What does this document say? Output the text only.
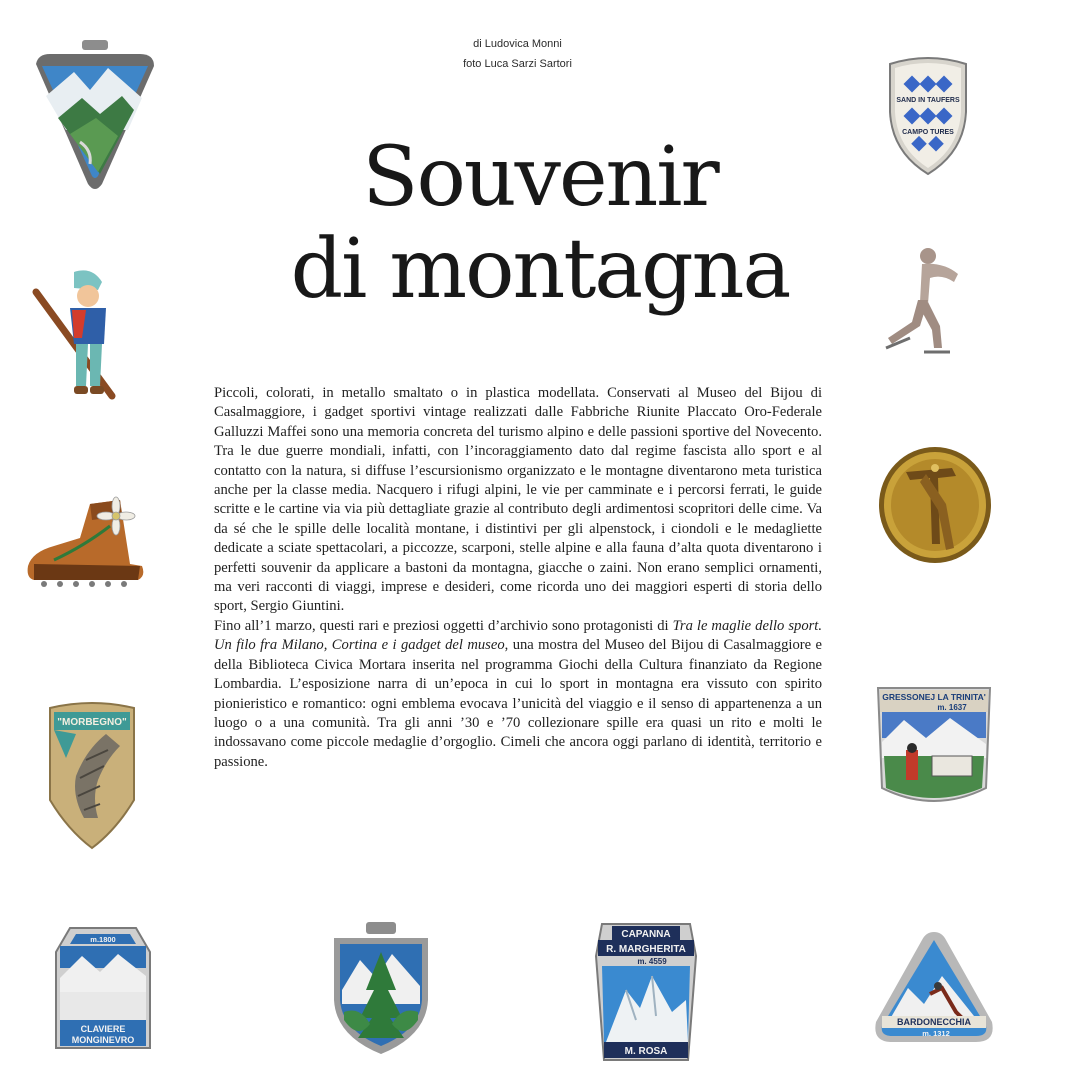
di Ludovica Monni
foto Luca Sarzi Sartori
Souvenir
di montagna

Piccoli, colorati, in metallo smaltato o in plastica modellata. Conservati al Museo del Bijou di Casalmaggiore, i gadget sportivi vintage realizzati dalle Fabbriche Riunite Placcato Oro-Federale Galluzzi Maffei sono una memoria concreta del turismo alpino e delle passioni sportive del Novecento. Tra le due guerre mondiali, infatti, con l’incoraggiamento dato dal regime fascista allo sport e al contatto con la natura, si diffuse l’escursionismo organizzato e le montagne diventarono meta turistica anche per la classe media. Nacquero i rifugi alpini, le vie per camminate e i percorsi ferrati, le guide scritte e le cartine via via più dettagliate grazie al contributo degli ardimentosi scopritori delle cime. Va da sé che le spille delle località montane, i distintivi per gli alpenstock, i ciondoli e le medagliette dedicate a sciate spettacolari, a piccozze, scarponi, stelle alpine e alla fauna d’alta quota diventarono i perfetti souvenir da applicare a bastoni da montagna, giacche o zaini. Non erano semplici ornamenti, ma veri racconti di viaggi, imprese e desideri, come ricorda uno dei maggiori esperti di storia dello sport, Sergio Giuntini.

Fino all’1 marzo, questi rari e preziosi oggetti d’archivio sono protagonisti di Tra le maglie dello sport. Un filo fra Milano, Cortina e i gadget del museo, una mostra del Museo del Bijou di Casalmaggiore e della Biblioteca Civica Mortara inserita nel programma Giochi della Cultura finanziato da Regione Lombardia. L’esposizione narra di un’epoca in cui lo sport in montagna era vissuto con spirito pionieristico e romantico: ogni emblema evocava l’unicità del viaggio e il senso di appartenenza a un luogo o a una comunità. Tra gli anni ’30 e ’70 collezionare spille era quasi un rito e molti le indossavano come piccole medaglie d’orgoglio. Cimeli che ancora oggi parlano di identità, territorio e passione.

SAND IN TAUFERS
CAMPO TURES
"MORBEGNO"
GRESSONEJ LA TRINITA'
m. 1637
m.1800
CLAVIERE
MONGINEVRO
CAPANNA
R. MARGHERITA
m. 4559
M. ROSA
BARDONECCHIA
m. 1312
